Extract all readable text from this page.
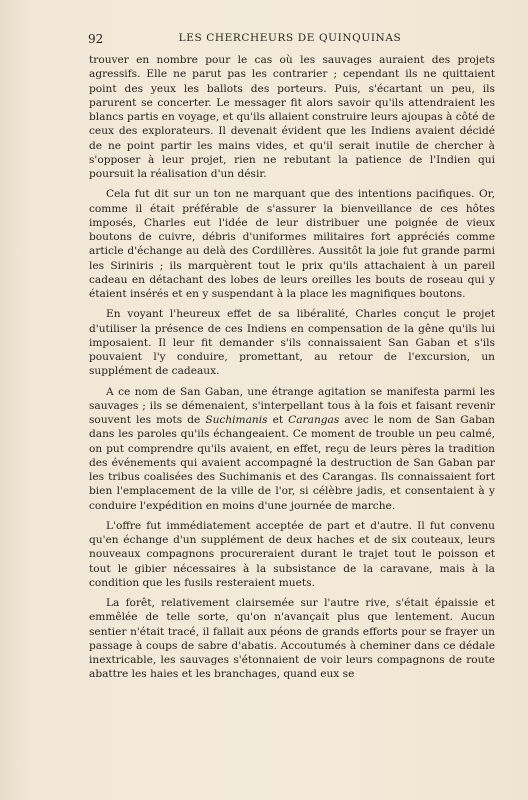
92	LES CHERCHEURS DE QUINQUINAS

trouver en nombre pour le cas où les sauvages auraient des projets agressifs. Elle ne parut pas les contrarier ; cependant ils ne quittaient point des yeux les ballots des porteurs. Puis, s'écartant un peu, ils parurent se concerter. Le messager fit alors savoir qu'ils attendraient les blancs partis en voyage, et qu'ils allaient construire leurs ajoupas à côté de ceux des explorateurs. Il devenait évident que les Indiens avaient décidé de ne point partir les mains vides, et qu'il serait inutile de chercher à s'opposer à leur projet, rien ne rebutant la patience de l'Indien qui poursuit la réalisation d'un désir.

Cela fut dit sur un ton ne marquant que des intentions pacifiques. Or, comme il était préférable de s'assurer la bienveillance de ces hôtes imposés, Charles eut l'idée de leur distribuer une poignée de vieux boutons de cuivre, débris d'uniformes militaires fort appréciés comme article d'échange au delà des Cordillères. Aussitôt la joie fut grande parmi les Siriniris ; ils marquèrent tout le prix qu'ils attachaient à un pareil cadeau en détachant des lobes de leurs oreilles les bouts de roseau qui y étaient insérés et en y suspendant à la place les magnifiques boutons.

En voyant l'heureux effet de sa libéralité, Charles conçut le projet d'utiliser la présence de ces Indiens en compensation de la gêne qu'ils lui imposaient. Il leur fit demander s'ils connaissaient San Gaban et s'ils pouvaient l'y conduire, promettant, au retour de l'excursion, un supplément de cadeaux.

A ce nom de San Gaban, une étrange agitation se manifesta parmi les sauvages ; ils se démenaient, s'interpellant tous à la fois et faisant revenir souvent les mots de Suchimanis et Carangas avec le nom de San Gaban dans les paroles qu'ils échangeaient. Ce moment de trouble un peu calmé, on put comprendre qu'ils avaient, en effet, reçu de leurs pères la tradition des événements qui avaient accompagné la destruction de San Gaban par les tribus coalisées des Suchimanis et des Carangas. Ils connaissaient fort bien l'emplacement de la ville de l'or, si célèbre jadis, et consentaient à y conduire l'expédition en moins d'une journée de marche.

L'offre fut immédiatement acceptée de part et d'autre. Il fut convenu qu'en échange d'un supplément de deux haches et de six couteaux, leurs nouveaux compagnons procureraient durant le trajet tout le poisson et tout le gibier nécessaires à la subsistance de la caravane, mais à la condition que les fusils resteraient muets.

La forêt, relativement clairsemée sur l'autre rive, s'était épaissie et emmêlée de telle sorte, qu'on n'avançait plus que lentement. Aucun sentier n'était tracé, il fallait aux péons de grands efforts pour se frayer un passage à coups de sabre d'abatis. Accoutumés à cheminer dans ce dédale inextricable, les sauvages s'étonnaient de voir leurs compagnons de route abattre les haies et les branchages, quand eux se
